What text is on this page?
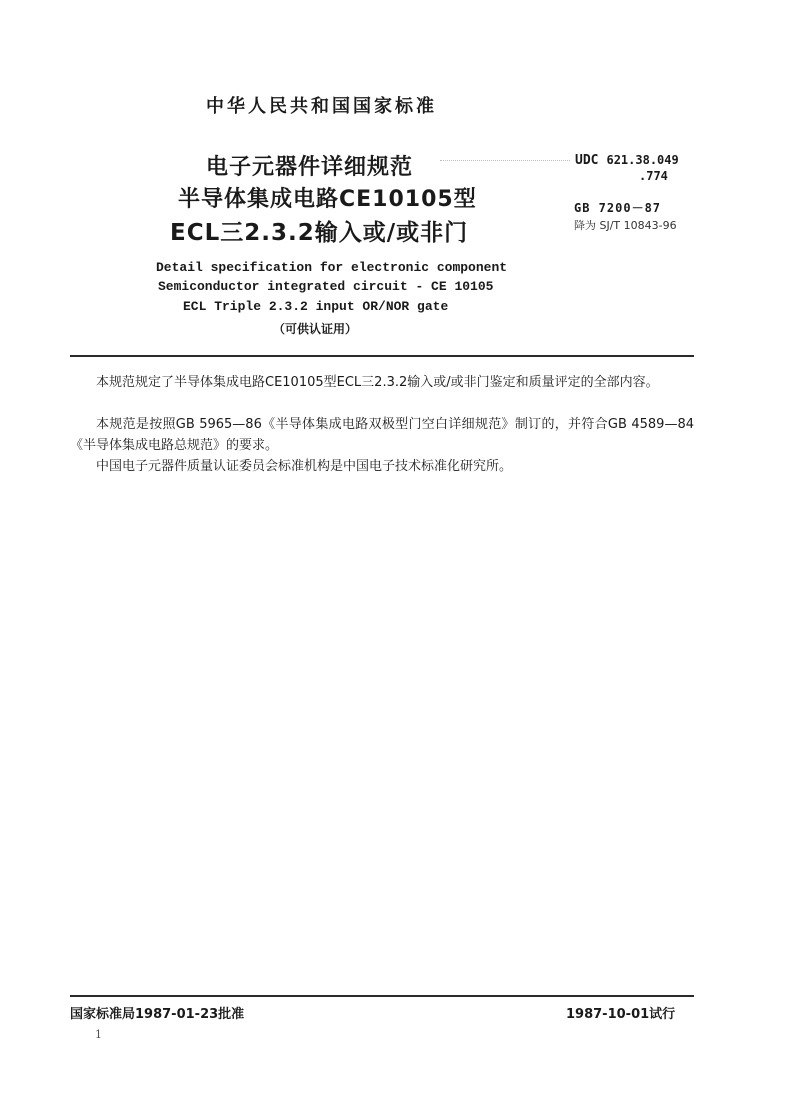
中华人民共和国国家标准
电子元器件详细规范
半导体集成电路CE10105型
ECL三2.3.2输入或/或非门
UDC 621.38.049
.774
GB 7200－87
降为 SJ/T 10843-96
Detail specification for electronic component
Semiconductor integrated circuit - CE 10105
ECL Triple 2.3.2 input OR/NOR gate
（可供认证用）
本规范规定了半导体集成电路CE10105型ECL三2.3.2输入或/或非门鉴定和质量评定的全部内容。
本规范是按照GB 5965—86《半导体集成电路双极型门空白详细规范》制订的，并符合GB 4589—84《半导体集成电路总规范》的要求。
中国电子元器件质量认证委员会标准机构是中国电子技术标准化研究所。
国家标准局1987-01-23批准	1987-10-01试行
1
